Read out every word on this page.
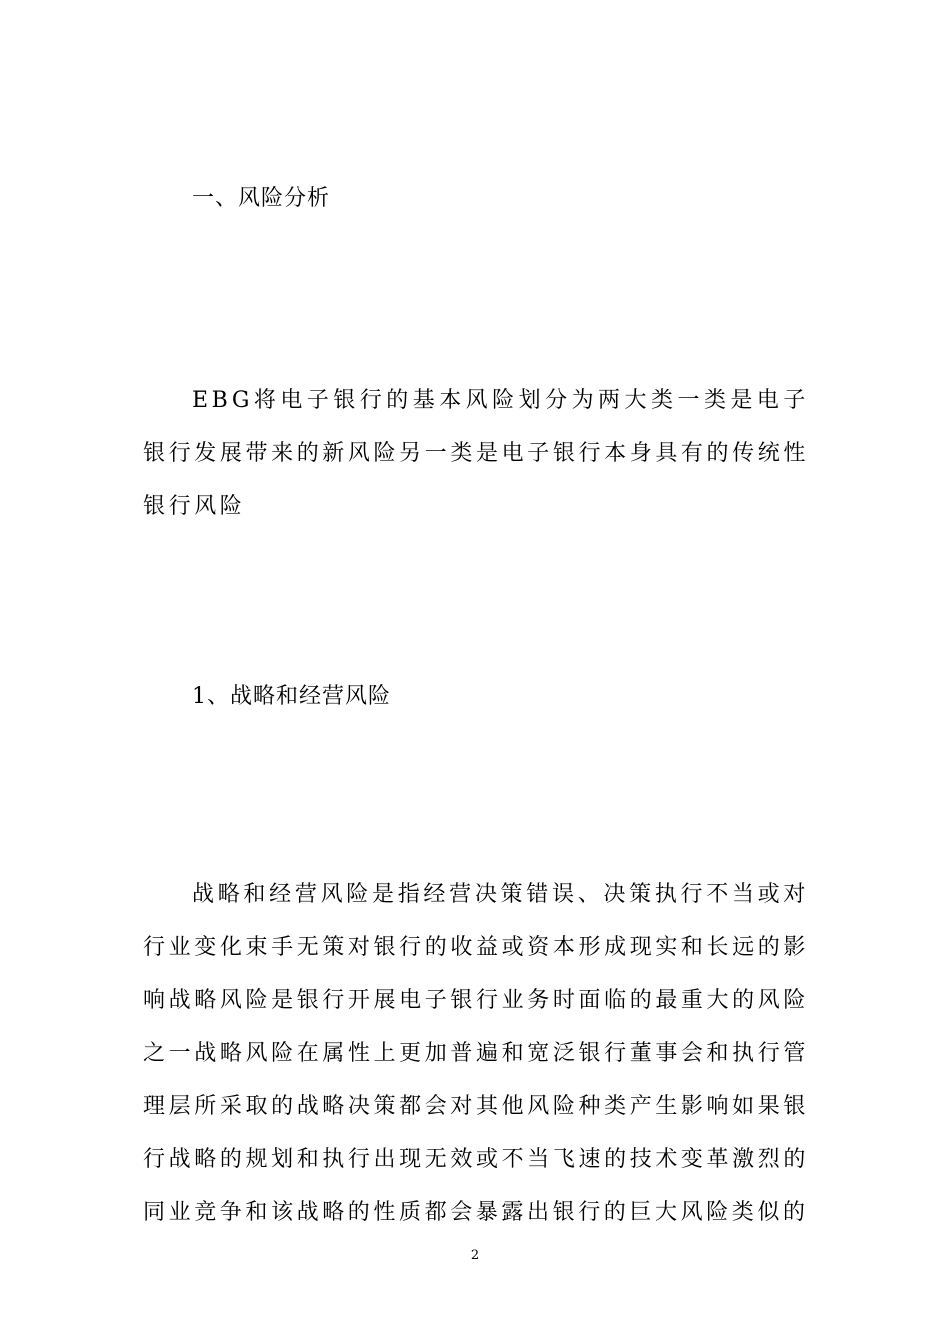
一、风险分析

EBG将电子银行的基本风险划分为两大类一类是电子银行发展带来的新风险另一类是电子银行本身具有的传统性银行风险

1、战略和经营风险

战略和经营风险是指经营决策错误、决策执行不当或对行业变化束手无策对银行的收益或资本形成现实和长远的影响战略风险是银行开展电子银行业务时面临的最重大的风险之一战略风险在属性上更加普遍和宽泛银行董事会和执行管理层所采取的战略决策都会对其他风险种类产生影响如果银行战略的规划和执行出现无效或不当飞速的技术变革激烈的同业竞争和该战略的性质都会暴露出银行的巨大风险类似的

2
